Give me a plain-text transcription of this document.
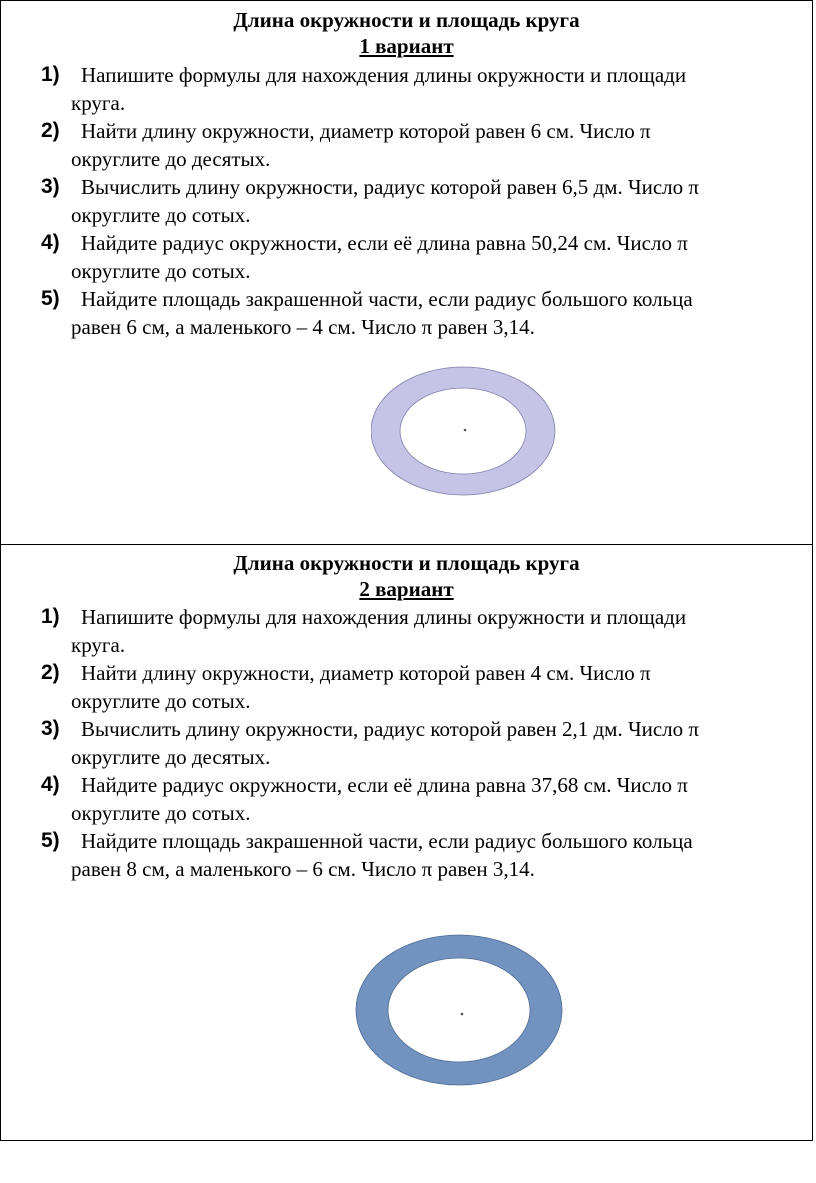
Длина окружности и площадь круга
1 вариант
1) Напишите формулы для нахождения длины окружности и площади
круга.
2) Найти длину окружности, диаметр которой равен 6 см. Число π
округлите до десятых.
3) Вычислить длину окружности, радиус которой равен 6,5 дм. Число π
округлите до сотых.
4) Найдите радиус окружности, если её длина равна 50,24 см. Число π
округлите до сотых.
5) Найдите площадь закрашенной части, если радиус большого кольца
равен 6 см, а маленького – 4 см. Число π равен 3,14.
Длина окружности и площадь круга
2 вариант
1) Напишите формулы для нахождения длины окружности и площади
круга.
2) Найти длину окружности, диаметр которой равен 4 см. Число π
округлите до сотых.
3) Вычислить длину окружности, радиус которой равен 2,1 дм. Число π
округлите до десятых.
4) Найдите радиус окружности, если её длина равна 37,68 см. Число π
округлите до сотых.
5) Найдите площадь закрашенной части, если радиус большого кольца
равен 8 см, а маленького – 6 см. Число π равен 3,14.
